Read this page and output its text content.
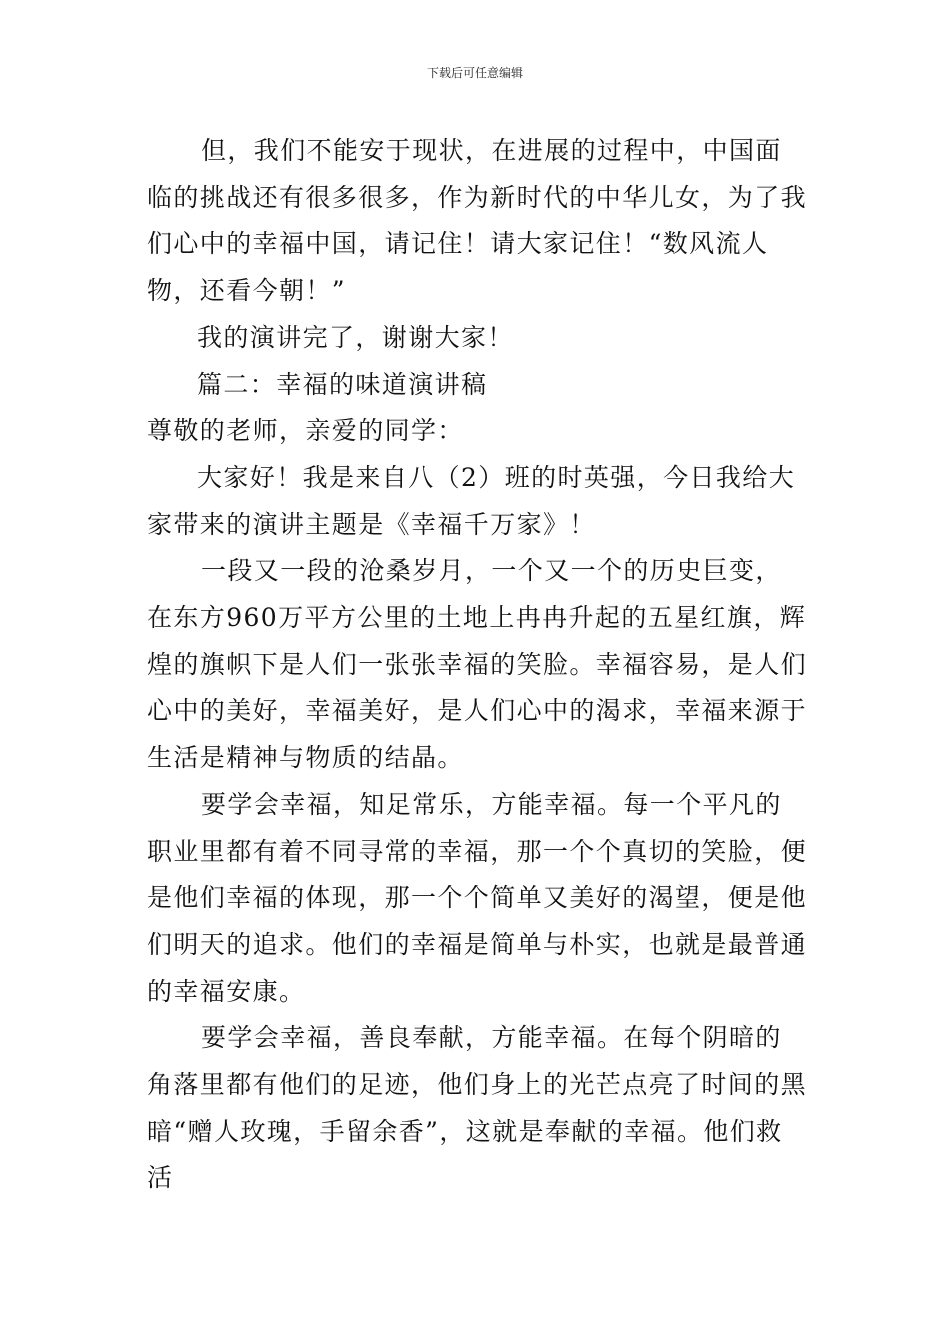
下载后可任意编辑

但，我们不能安于现状，在进展的过程中，中国面临的挑战还有很多很多，作为新时代的中华儿女，为了我们心中的幸福中国，请记住！请大家记住！“数风流人物，还看今朝！”

我的演讲完了，谢谢大家！

篇二：幸福的味道演讲稿

尊敬的老师，亲爱的同学：

大家好！我是来自八（2）班的时英强，今日我给大家带来的演讲主题是《幸福千万家》！

一段又一段的沧桑岁月，一个又一个的历史巨变，在东方960万平方公里的土地上冉冉升起的五星红旗，辉煌的旗帜下是人们一张张幸福的笑脸。幸福容易，是人们心中的美好，幸福美好，是人们心中的渴求，幸福来源于生活是精神与物质的结晶。

要学会幸福，知足常乐，方能幸福。每一个平凡的职业里都有着不同寻常的幸福，那一个个真切的笑脸，便是他们幸福的体现，那一个个简单又美好的渴望，便是他们明天的追求。他们的幸福是简单与朴实，也就是最普通的幸福安康。

要学会幸福，善良奉献，方能幸福。在每个阴暗的角落里都有他们的足迹，他们身上的光芒点亮了时间的黑暗“赠人玫瑰，手留余香”，这就是奉献的幸福。他们救活
